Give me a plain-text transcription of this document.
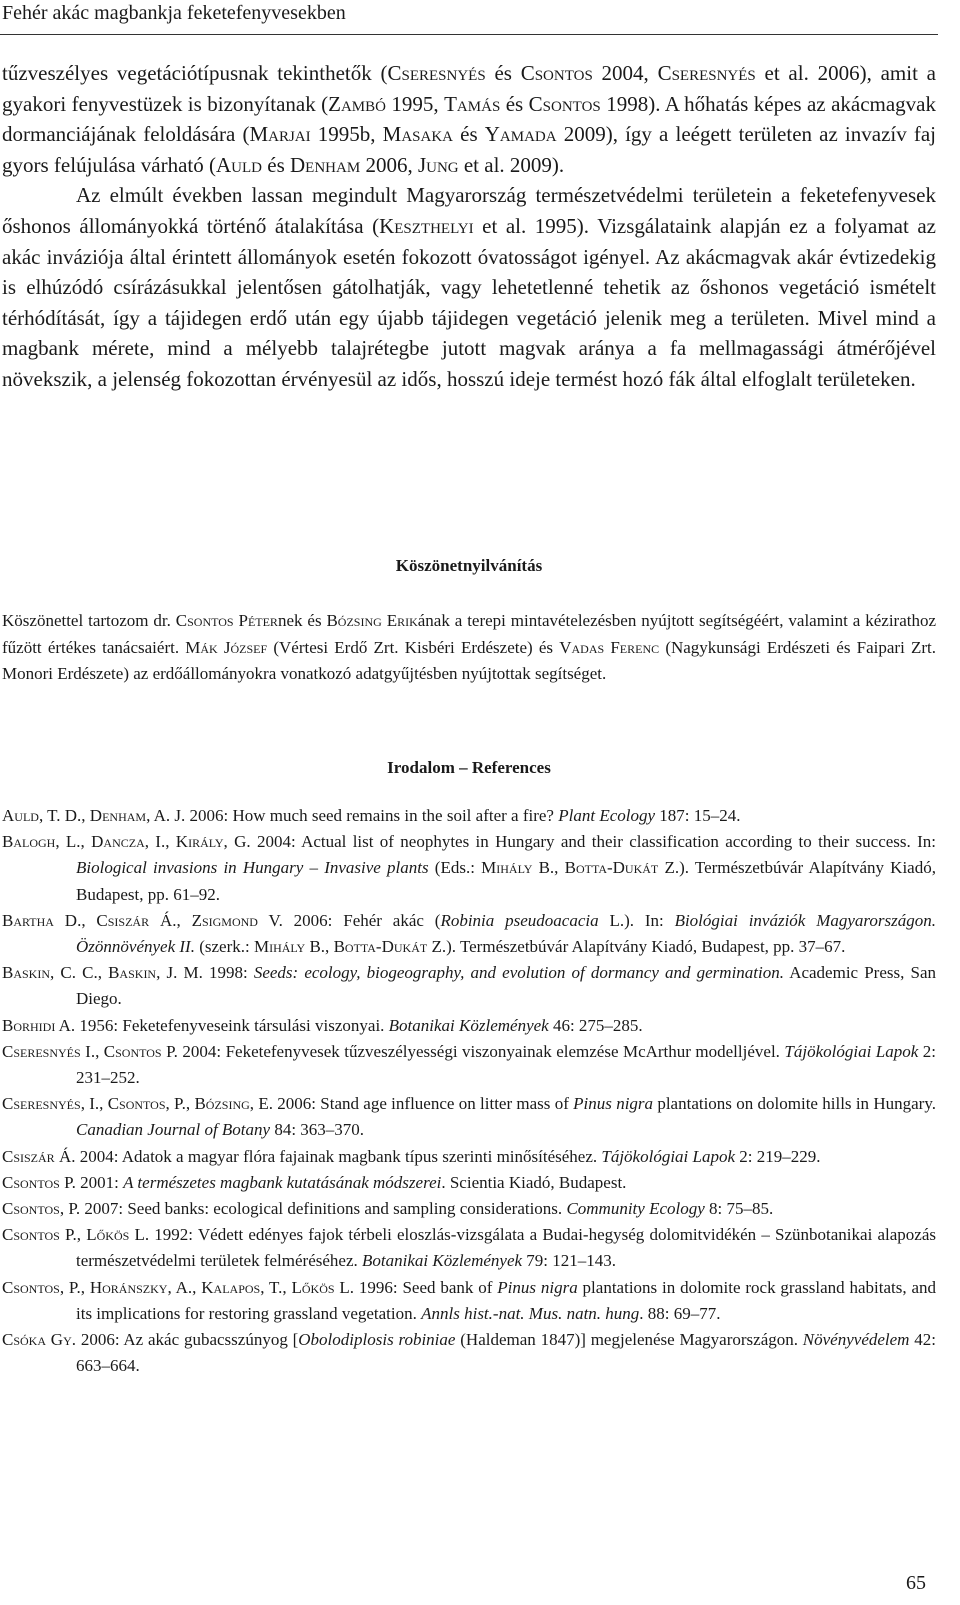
Fehér akác magbankja feketefenyvesekben

tűzveszélyes vegetációtípusnak tekinthetők (Cseresnyés és Csontos 2004, Cseresnyés et al. 2006), amit a gyakori fenyvestüzek is bizonyítanak (Zambó 1995, Tamás és Csontos 1998). A hőhatás képes az akácmagvak dormanciájának feloldására (Marjai 1995b, Masaka és Yamada 2009), így a leégett területen az invazív faj gyors felújulása várható (Auld és Denham 2006, Jung et al. 2009).

Az elmúlt években lassan megindult Magyarország természetvédelmi területein a feketefenyvesek őshonos állományokká történő átalakítása (Keszthelyi et al. 1995). Vizsgálataink alapján ez a folyamat az akác inváziója által érintett állományok esetén fokozott óvatosságot igényel. Az akácmagvak akár évtizedekig is elhúzódó csírázásukkal jelentősen gátolhatják, vagy lehetetlenné tehetik az őshonos vegetáció ismételt térhódítását, így a tájidegen erdő után egy újabb tájidegen vegetáció jelenik meg a területen. Mivel mind a magbank mérete, mind a mélyebb talajrétegbe jutott magvak aránya a fa mellmagassági átmérőjével növekszik, a jelenség fokozottan érvényesül az idős, hosszú ideje termést hozó fák által elfoglalt területeken.

Köszönetnyilvánítás

Köszönettel tartozom dr. Csontos Péternek és Bózsing Erikának a terepi mintavételezésben nyújtott segítségéért, valamint a kézirathoz fűzött értékes tanácsaiért. Mák József (Vértesi Erdő Zrt. Kisbéri Erdészete) és Vadas Ferenc (Nagykunsági Erdészeti és Faipari Zrt. Monori Erdészete) az erdőállományokra vonatkozó adatgyűjtésben nyújtottak segítséget.

Irodalom – References
Auld, T. D., Denham, A. J. 2006: How much seed remains in the soil after a fire? Plant Ecology 187: 15–24.
Balogh, L., Dancza, I., Király, G. 2004: Actual list of neophytes in Hungary and their classification according to their success. In: Biological invasions in Hungary – Invasive plants (Eds.: Mihály B., Botta-Dukát Z.). Természetbúvár Alapítvány Kiadó, Budapest, pp. 61–92.
Bartha D., Csiszár Á., Zsigmond V. 2006: Fehér akác (Robinia pseudoacacia L.). In: Biológiai inváziók Magyarországon. Özönnövények II. (szerk.: Mihály B., Botta-Dukát Z.). Természetbúvár Alapítvány Kiadó, Budapest, pp. 37–67.
Baskin, C. C., Baskin, J. M. 1998: Seeds: ecology, biogeography, and evolution of dormancy and germination. Academic Press, San Diego.
Borhidi A. 1956: Feketefenyveseink társulási viszonyai. Botanikai Közlemények 46: 275–285.
Cseresnyés I., Csontos P. 2004: Feketefenyvesek tűzveszélyességi viszonyainak elemzése McArthur modelljével. Tájökológiai Lapok 2: 231–252.
Cseresnyés, I., Csontos, P., Bózsing, E. 2006: Stand age influence on litter mass of Pinus nigra plantations on dolomite hills in Hungary. Canadian Journal of Botany 84: 363–370.
Csiszár Á. 2004: Adatok a magyar flóra fajainak magbank típus szerinti minősítéséhez. Tájökológiai Lapok 2: 219–229.
Csontos P. 2001: A természetes magbank kutatásának módszerei. Scientia Kiadó, Budapest.
Csontos, P. 2007: Seed banks: ecological definitions and sampling considerations. Community Ecology 8: 75–85.
Csontos P., Lőkös L. 1992: Védett edényes fajok térbeli eloszlás-vizsgálata a Budai-hegység dolomitvidékén – Szünbotanikai alapozás természetvédelmi területek felméréséhez. Botanikai Közlemények 79: 121–143.
Csontos, P., Horánszky, A., Kalapos, T., Lőkös L. 1996: Seed bank of Pinus nigra plantations in dolomite rock grassland habitats, and its implications for restoring grassland vegetation. Annls hist.-nat. Mus. natn. hung. 88: 69–77.
Csóka Gy. 2006: Az akác gubacsszúnyog [Obolodiplosis robiniae (Haldeman 1847)] megjelenése Magyarországon. Növényvédelem 42: 663–664.
65
